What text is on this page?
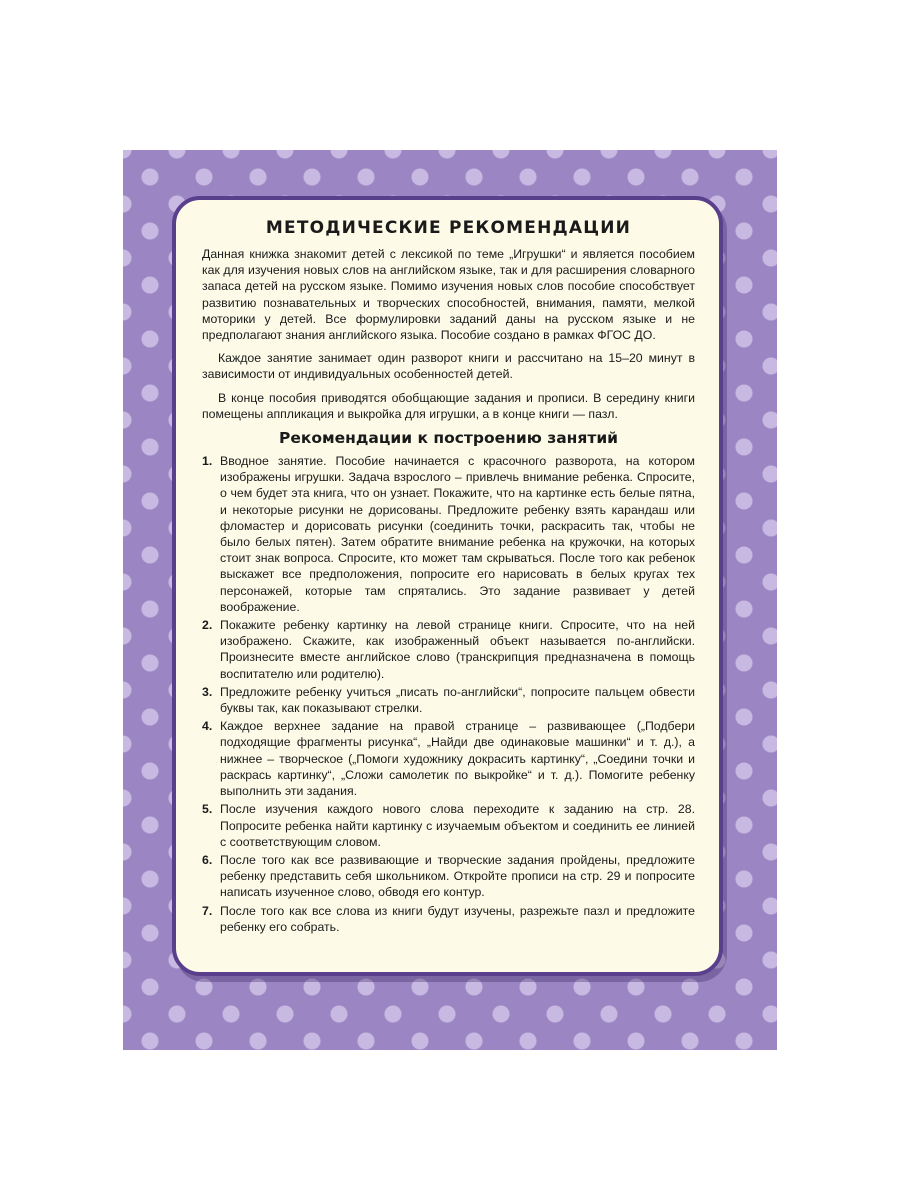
МЕТОДИЧЕСКИЕ РЕКОМЕНДАЦИИ

Данная книжка знакомит детей с лексикой по теме „Игрушки“ и является пособием как для изучения новых слов на английском языке, так и для расширения словарного запаса детей на русском языке. Помимо изучения новых слов пособие способствует развитию познавательных и творческих способностей, внимания, памяти, мелкой моторики у детей. Все формулировки заданий даны на русском языке и не предполагают знания английского языка. Пособие создано в рамках ФГОС ДО.

Каждое занятие занимает один разворот книги и рассчитано на 15–20 минут в зависимости от индивидуальных особенностей детей.

В конце пособия приводятся обобщающие задания и прописи. В середину книги помещены аппликация и выкройка для игрушки, а в конце книги — пазл.

Рекомендации к построению занятий
1. Вводное занятие. Пособие начинается с красочного разворота, на котором изображены игрушки. Задача взрослого – привлечь внимание ребенка. Спросите, о чем будет эта книга, что он узнает. Покажите, что на картинке есть белые пятна, и некоторые рисунки не дорисованы. Предложите ребенку взять карандаш или фломастер и дорисовать рисунки (соединить точки, раскрасить так, чтобы не было белых пятен). Затем обратите внимание ребенка на кружочки, на которых стоит знак вопроса. Спросите, кто может там скрываться. После того как ребенок выскажет все предположения, попросите его нарисовать в белых кругах тех персонажей, которые там спрятались. Это задание развивает у детей воображение.
2. Покажите ребенку картинку на левой странице книги. Спросите, что на ней изображено. Скажите, как изображенный объект называется по-английски. Произнесите вместе английское слово (транскрипция предназначена в помощь воспитателю или родителю).
3. Предложите ребенку учиться „писать по-английски“, попросите пальцем обвести буквы так, как показывают стрелки.
4. Каждое верхнее задание на правой странице – развивающее („Подбери подходящие фрагменты рисунка“, „Найди две одинаковые машинки“ и т. д.), а нижнее – творческое („Помоги художнику докрасить картинку“, „Соедини точки и раскрась картинку“, „Сложи самолетик по выкройке“ и т. д.). Помогите ребенку выполнить эти задания.
5. После изучения каждого нового слова переходите к заданию на стр. 28. Попросите ребенка найти картинку с изучаемым объектом и соединить ее линией с соответствующим словом.
6. После того как все развивающие и творческие задания пройдены, предложите ребенку представить себя школьником. Откройте прописи на стр. 29 и попросите написать изученное слово, обводя его контур.
7. После того как все слова из книги будут изучены, разрежьте пазл и предложите ребенку его собрать.
